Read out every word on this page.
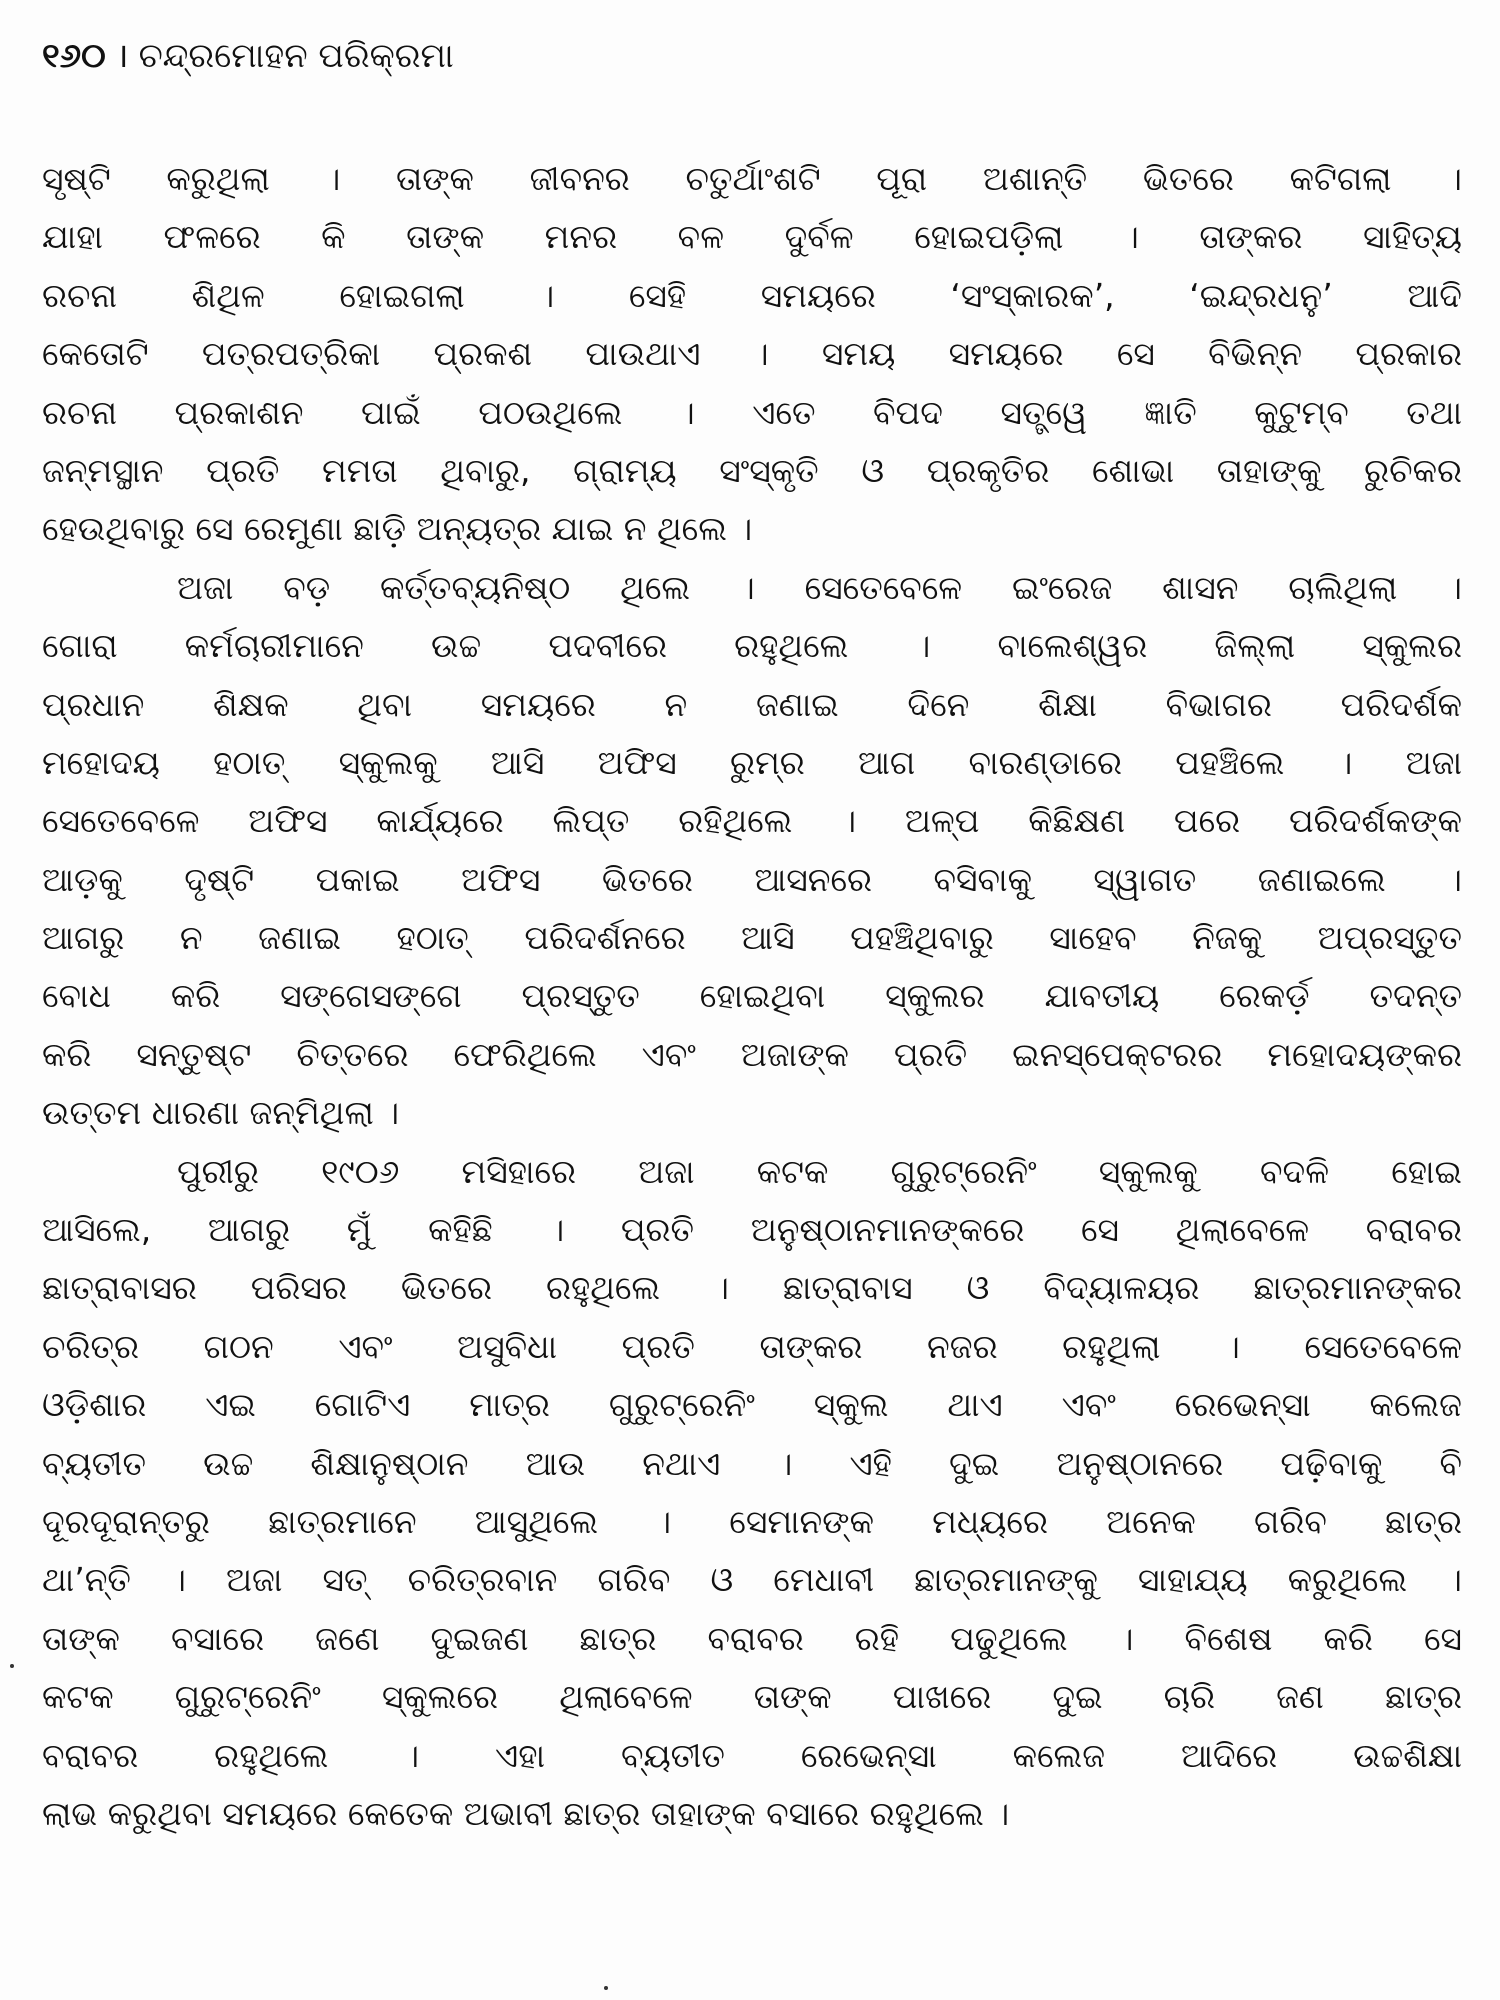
୧୬୦ । ଚନ୍ଦ୍ରମୋହନ ପରିକ୍ରମା
ସୃଷ୍ଟି କରୁଥିଲା । ତାଙ୍କ ଜୀବନର ଚତୁର୍ଥାଂଶଟି ପୂରା ଅଶାନ୍ତି ଭିତରେ କଟିଗଲା ।
ଯାହା ଫଳରେ କି ତାଙ୍କ ମନର ବଳ ଦୁର୍ବଳ ହୋଇପଡ଼ିଲା । ତାଙ୍କର ସାହିତ୍ୟ
ରଚନା ଶିଥିଳ ହୋଇଗଲା । ସେହି ସମୟରେ ‘ସଂସ୍କାରକ’, ‘ଇନ୍ଦ୍ରଧନୁ’ ଆଦି
କେତୋଟି ପତ୍ରପତ୍ରିକା ପ୍ରକଶ ପାଉଥାଏ । ସମୟ ସମୟରେ ସେ ବିଭିନ୍ନ ପ୍ରକାର
ରଚନା ପ୍ରକାଶନ ପାଇଁ ପଠଉଥିଲେ । ଏତେ ବିପଦ ସତ୍ତ୍ୱେ ଜ୍ଞାତି କୁଟୁମ୍ବ ତଥା
ଜନ୍ମସ୍ଥାନ ପ୍ରତି ମମତା ଥିବାରୁ, ଗ୍ରାମ୍ୟ ସଂସ୍କୃତି ଓ ପ୍ରକୃତିର ଶୋଭା ତାହାଙ୍କୁ ରୁଚିକର
ହେଉଥିବାରୁ ସେ ରେମୁଣା ଛାଡ଼ି ଅନ୍ୟତ୍ର ଯାଇ ନ ଥିଲେ ।
ଅଜା ବଡ଼ କର୍ତ୍ତବ୍ୟନିଷ୍ଠ ଥିଲେ । ସେତେବେଳେ ଇଂରେଜ ଶାସନ ଚାଲିଥିଲା ।
ଗୋରା କର୍ମଚାରୀମାନେ ଉଚ୍ଚ ପଦବୀରେ ରହୁଥିଲେ । ବାଲେଶ୍ୱର ଜିଲ୍ଲା ସ୍କୁଲର
ପ୍ରଧାନ ଶିକ୍ଷକ ଥିବା ସମୟରେ ନ ଜଣାଇ ଦିନେ ଶିକ୍ଷା ବିଭାଗର ପରିଦର୍ଶକ
ମହୋଦୟ ହଠାତ୍ ସ୍କୁଲକୁ ଆସି ଅଫିସ ରୁମ୍‌ର ଆଗ ବାରଣ୍ଡାରେ ପହଞ୍ଚିଲେ । ଅଜା
ସେତେବେଳେ ଅଫିସ କାର୍ଯ୍ୟରେ ଲିପ୍ତ ରହିଥିଲେ । ଅଳ୍ପ କିଛିକ୍ଷଣ ପରେ ପରିଦର୍ଶକଙ୍କ
ଆଡ଼କୁ ଦୃଷ୍ଟି ପକାଇ ଅଫିସ ଭିତରେ ଆସନରେ ବସିବାକୁ ସ୍ୱାଗତ ଜଣାଇଲେ ।
ଆଗରୁ ନ ଜଣାଇ ହଠାତ୍ ପରିଦର୍ଶନରେ ଆସି ପହଞ୍ଚିଥିବାରୁ ସାହେବ ନିଜକୁ ଅପ୍ରସ୍ତୁତ
ବୋଧ କରି ସଙ୍ଗେସଙ୍ଗେ ପ୍ରସ୍ତୁତ ହୋଇଥିବା ସ୍କୁଲର ଯାବତୀୟ ରେକର୍ଡ଼ ତଦନ୍ତ
କରି ସନ୍ତୁଷ୍ଟ ଚିତ୍ତରେ ଫେରିଥିଲେ ଏବଂ ଅଜାଙ୍କ ପ୍ରତି ଇନସ୍‌ପେକ୍ଟରର ମହୋଦୟଙ୍କର
ଉତ୍ତମ ଧାରଣା ଜନ୍ମିଥିଲା ।
ପୁରୀରୁ ୧୯୦୬ ମସିହାରେ ଅଜା କଟକ ଗୁରୁଟ୍ରେନିଂ ସ୍କୁଲକୁ ବଦଳି ହୋଇ
ଆସିଲେ, ଆଗରୁ ମୁଁ କହିଛି । ପ୍ରତି ଅନୁଷ୍ଠାନମାନଙ୍କରେ ସେ ଥିଲାବେଳେ ବରାବର
ଛାତ୍ରାବାସର ପରିସର ଭିତରେ ରହୁଥିଲେ । ଛାତ୍ରାବାସ ଓ ବିଦ୍ୟାଳୟର ଛାତ୍ରମାନଙ୍କର
ଚରିତ୍ର ଗଠନ ଏବଂ ଅସୁବିଧା ପ୍ରତି ତାଙ୍କର ନଜର ରହୁଥିଲା । ସେତେବେଳେ
ଓଡ଼ିଶାର ଏଇ ଗୋଟିଏ ମାତ୍ର ଗୁରୁଟ୍ରେନିଂ ସ୍କୁଲ ଥାଏ ଏବଂ ରେଭେନ୍‌ସା କଲେଜ
ବ୍ୟତୀତ ଉଚ୍ଚ ଶିକ୍ଷାନୁଷ୍ଠାନ ଆଉ ନଥାଏ । ଏହି ଦୁଇ ଅନୁଷ୍ଠାନରେ ପଢ଼ିବାକୁ ବି
ଦୂରଦୂରାନ୍ତରୁ ଛାତ୍ରମାନେ ଆସୁଥିଲେ । ସେମାନଙ୍କ ମଧ୍ୟରେ ଅନେକ ଗରିବ ଛାତ୍ର
ଥା’ନ୍ତି । ଅଜା ସତ୍ ଚରିତ୍ରବାନ ଗରିବ ଓ ମେଧାବୀ ଛାତ୍ରମାନଙ୍କୁ ସାହାଯ୍ୟ କରୁଥିଲେ ।
ତାଙ୍କ ବସାରେ ଜଣେ ଦୁଇଜଣ ଛାତ୍ର ବରାବର ରହି ପଢୁଥିଲେ । ବିଶେଷ କରି ସେ
କଟକ ଗୁରୁଟ୍ରେନିଂ ସ୍କୁଲରେ ଥିଲାବେଳେ ତାଙ୍କ ପାଖରେ ଦୁଇ ଚାରି ଜଣ ଛାତ୍ର
ବରାବର ରହୁଥିଲେ । ଏହା ବ୍ୟତୀତ ରେଭେନ୍‌ସା କଲେଜ ଆଦିରେ ଉଚ୍ଚଶିକ୍ଷା
ଲାଭ କରୁଥିବା ସମୟରେ କେତେକ ଅଭାବୀ ଛାତ୍ର ତାହାଙ୍କ ବସାରେ ରହୁଥିଲେ ।
